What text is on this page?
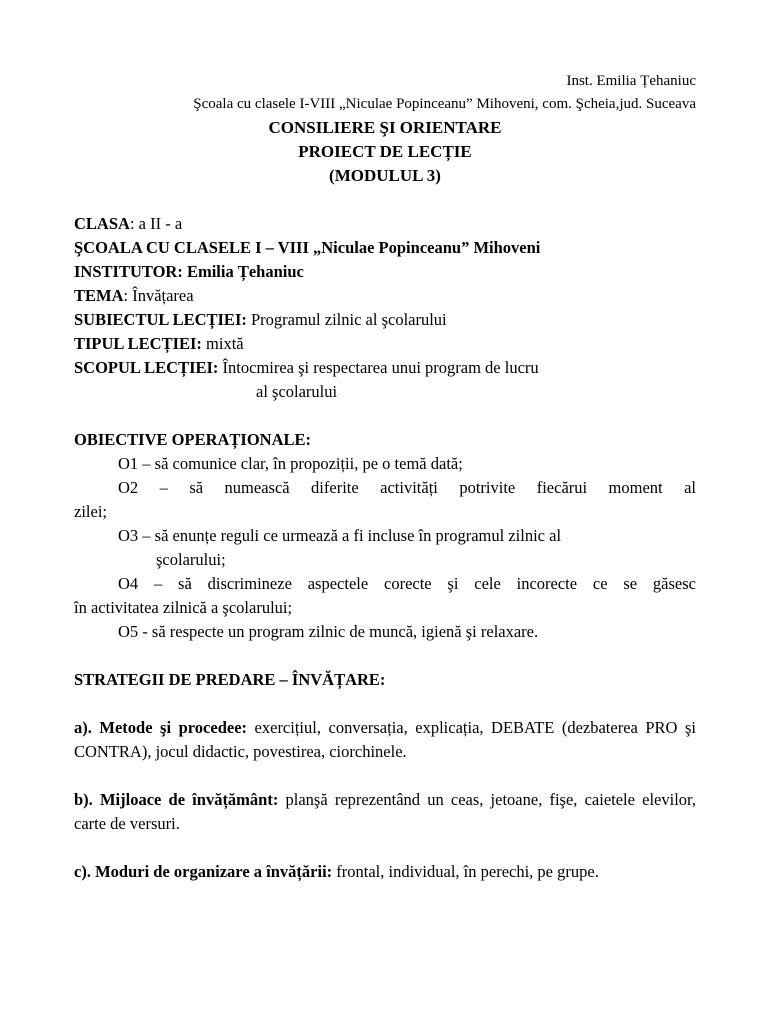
Inst. Emilia Țehaniuc

Şcoala cu clasele I-VIII „Niculae Popinceanu” Mihoveni, com. Şcheia,jud. Suceava

CONSILIERE ŞI ORIENTARE

PROIECT DE LECȚIE

(MODULUL 3)

CLASA: a II - a

ŞCOALA CU CLASELE I – VIII „Niculae Popinceanu” Mihoveni

INSTITUTOR: Emilia Țehaniuc

TEMA: Învățarea

SUBIECTUL LECȚIEI: Programul zilnic al şcolarului

TIPUL LECȚIEI: mixtă

SCOPUL LECȚIEI: Întocmirea şi respectarea unui program de lucru

al şcolarului

OBIECTIVE OPERAȚIONALE:

O1 – să comunice clar, în propoziții, pe o temă dată;

O2 – să numească diferite activități potrivite fiecărui moment al

zilei;

O3 – să enunțe reguli ce urmează a fi incluse în programul zilnic al

şcolarului;

O4 – să discrimineze aspectele corecte şi cele incorecte ce se găsesc

în activitatea zilnică a şcolarului;

O5 - să respecte un program zilnic de muncă, igienă şi relaxare.

STRATEGII DE PREDARE – ÎNVĂȚARE:

a). Metode şi procedee: exercițiul, conversația, explicația, DEBATE (dezbaterea PRO şi CONTRA), jocul didactic, povestirea, ciorchinele.

b). Mijloace de învățământ: planşă reprezentând un ceas, jetoane, fişe, caietele elevilor, carte de versuri.

c). Moduri de organizare a învățării: frontal, individual, în perechi, pe grupe.
